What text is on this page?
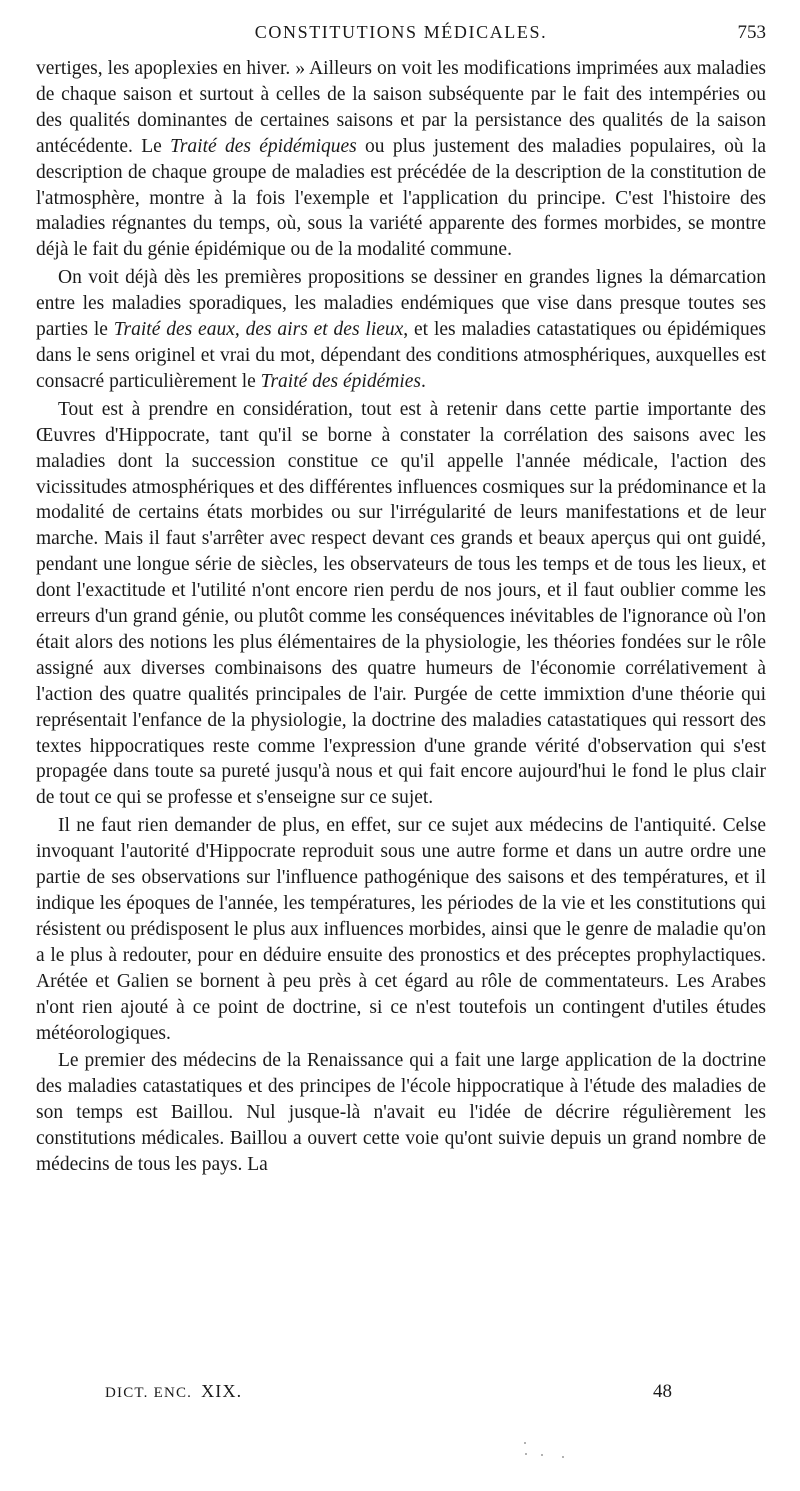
CONSTITUTIONS MÉDICALES.	753

vertiges, les apoplexies en hiver. » Ailleurs on voit les modifications imprimées aux maladies de chaque saison et surtout à celles de la saison subséquente par le fait des intempéries ou des qualités dominantes de certaines saisons et par la persistance des qualités de la saison antécédente. Le Traité des épidémiques ou plus justement des maladies populaires, où la description de chaque groupe de maladies est précédée de la description de la constitution de l'atmosphère, montre à la fois l'exemple et l'application du principe. C'est l'histoire des maladies régnantes du temps, où, sous la variété apparente des formes morbides, se montre déjà le fait du génie épidémique ou de la modalité commune.

On voit déjà dès les premières propositions se dessiner en grandes lignes la démarcation entre les maladies sporadiques, les maladies endémiques que vise dans presque toutes ses parties le Traité des eaux, des airs et des lieux, et les maladies catastatiques ou épidémiques dans le sens originel et vrai du mot, dépendant des conditions atmosphériques, auxquelles est consacré particulièrement le Traité des épidémies.

Tout est à prendre en considération, tout est à retenir dans cette partie importante des Œuvres d'Hippocrate, tant qu'il se borne à constater la corrélation des saisons avec les maladies dont la succession constitue ce qu'il appelle l'année médicale, l'action des vicissitudes atmosphériques et des différentes influences cosmiques sur la prédominance et la modalité de certains états morbides ou sur l'irrégularité de leurs manifestations et de leur marche. Mais il faut s'arrêter avec respect devant ces grands et beaux aperçus qui ont guidé, pendant une longue série de siècles, les observateurs de tous les temps et de tous les lieux, et dont l'exactitude et l'utilité n'ont encore rien perdu de nos jours, et il faut oublier comme les erreurs d'un grand génie, ou plutôt comme les conséquences inévitables de l'ignorance où l'on était alors des notions les plus élémentaires de la physiologie, les théories fondées sur le rôle assigné aux diverses combinaisons des quatre humeurs de l'économie corrélativement à l'action des quatre qualités principales de l'air. Purgée de cette immixtion d'une théorie qui représentait l'enfance de la physiologie, la doctrine des maladies catastatiques qui ressort des textes hippocratiques reste comme l'expression d'une grande vérité d'observation qui s'est propagée dans toute sa pureté jusqu'à nous et qui fait encore aujourd'hui le fond le plus clair de tout ce qui se professe et s'enseigne sur ce sujet.

Il ne faut rien demander de plus, en effet, sur ce sujet aux médecins de l'antiquité. Celse invoquant l'autorité d'Hippocrate reproduit sous une autre forme et dans un autre ordre une partie de ses observations sur l'influence pathogénique des saisons et des températures, et il indique les époques de l'année, les températures, les périodes de la vie et les constitutions qui résistent ou prédisposent le plus aux influences morbides, ainsi que le genre de maladie qu'on a le plus à redouter, pour en déduire ensuite des pronostics et des préceptes prophylactiques. Arétée et Galien se bornent à peu près à cet égard au rôle de commentateurs. Les Arabes n'ont rien ajouté à ce point de doctrine, si ce n'est toutefois un contingent d'utiles études météorologiques.

Le premier des médecins de la Renaissance qui a fait une large application de la doctrine des maladies catastatiques et des principes de l'école hippocratique à l'étude des maladies de son temps est Baillou. Nul jusque-là n'avait eu l'idée de décrire régulièrement les constitutions médicales. Baillou a ouvert cette voie qu'ont suivie depuis un grand nombre de médecins de tous les pays. La

DICT. ENC. XIX.	48
